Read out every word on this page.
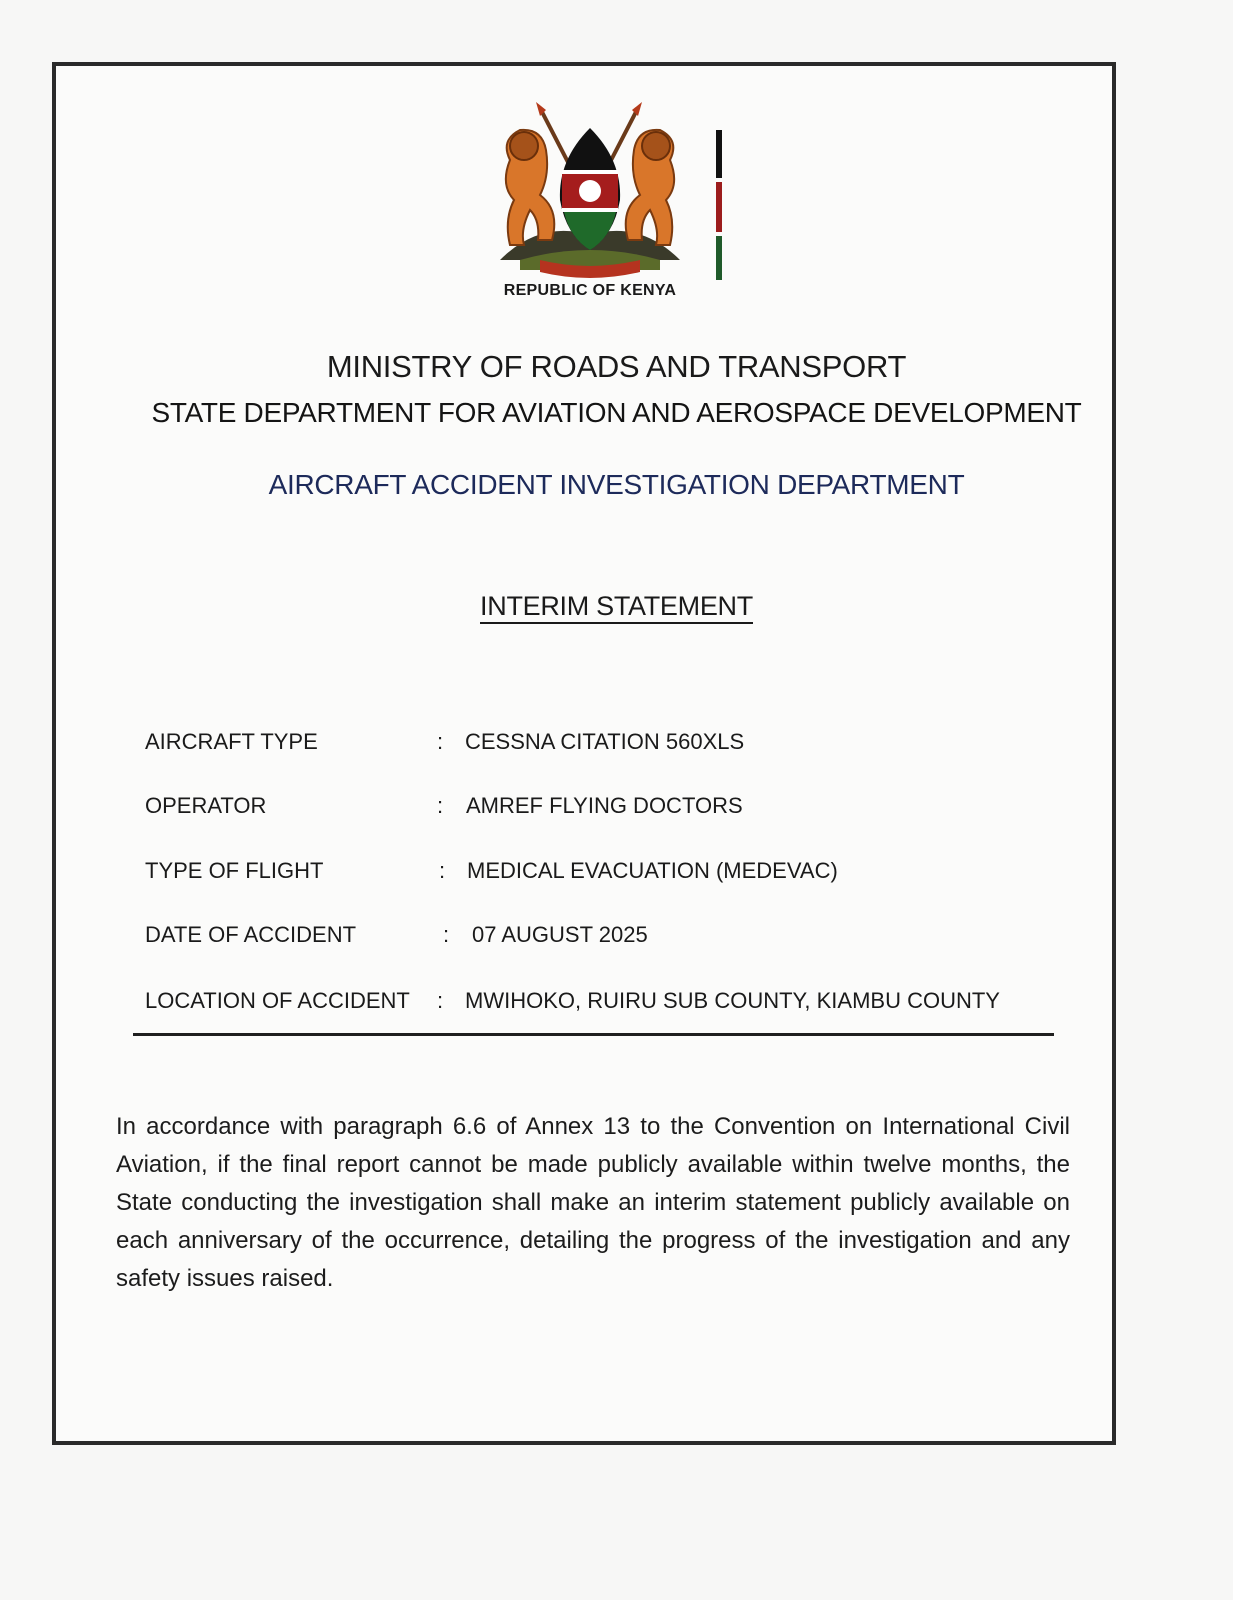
REPUBLIC OF KENYA
MINISTRY OF ROADS AND TRANSPORT
STATE DEPARTMENT FOR AVIATION AND AEROSPACE DEVELOPMENT
AIRCRAFT ACCIDENT INVESTIGATION DEPARTMENT
INTERIM STATEMENT
AIRCRAFT TYPE	: CESSNA CITATION 560XLS
OPERATOR	: AMREF FLYING DOCTORS
TYPE OF FLIGHT	: MEDICAL EVACUATION (MEDEVAC)
DATE OF ACCIDENT	: 07 AUGUST 2025
LOCATION OF ACCIDENT : MWIHOKO, RUIRU SUB COUNTY, KIAMBU COUNTY
In accordance with paragraph 6.6 of Annex 13 to the Convention on International Civil Aviation, if the final report cannot be made publicly available within twelve months, the State conducting the investigation shall make an interim statement publicly available on each anniversary of the occurrence, detailing the progress of the investigation and any safety issues raised.
